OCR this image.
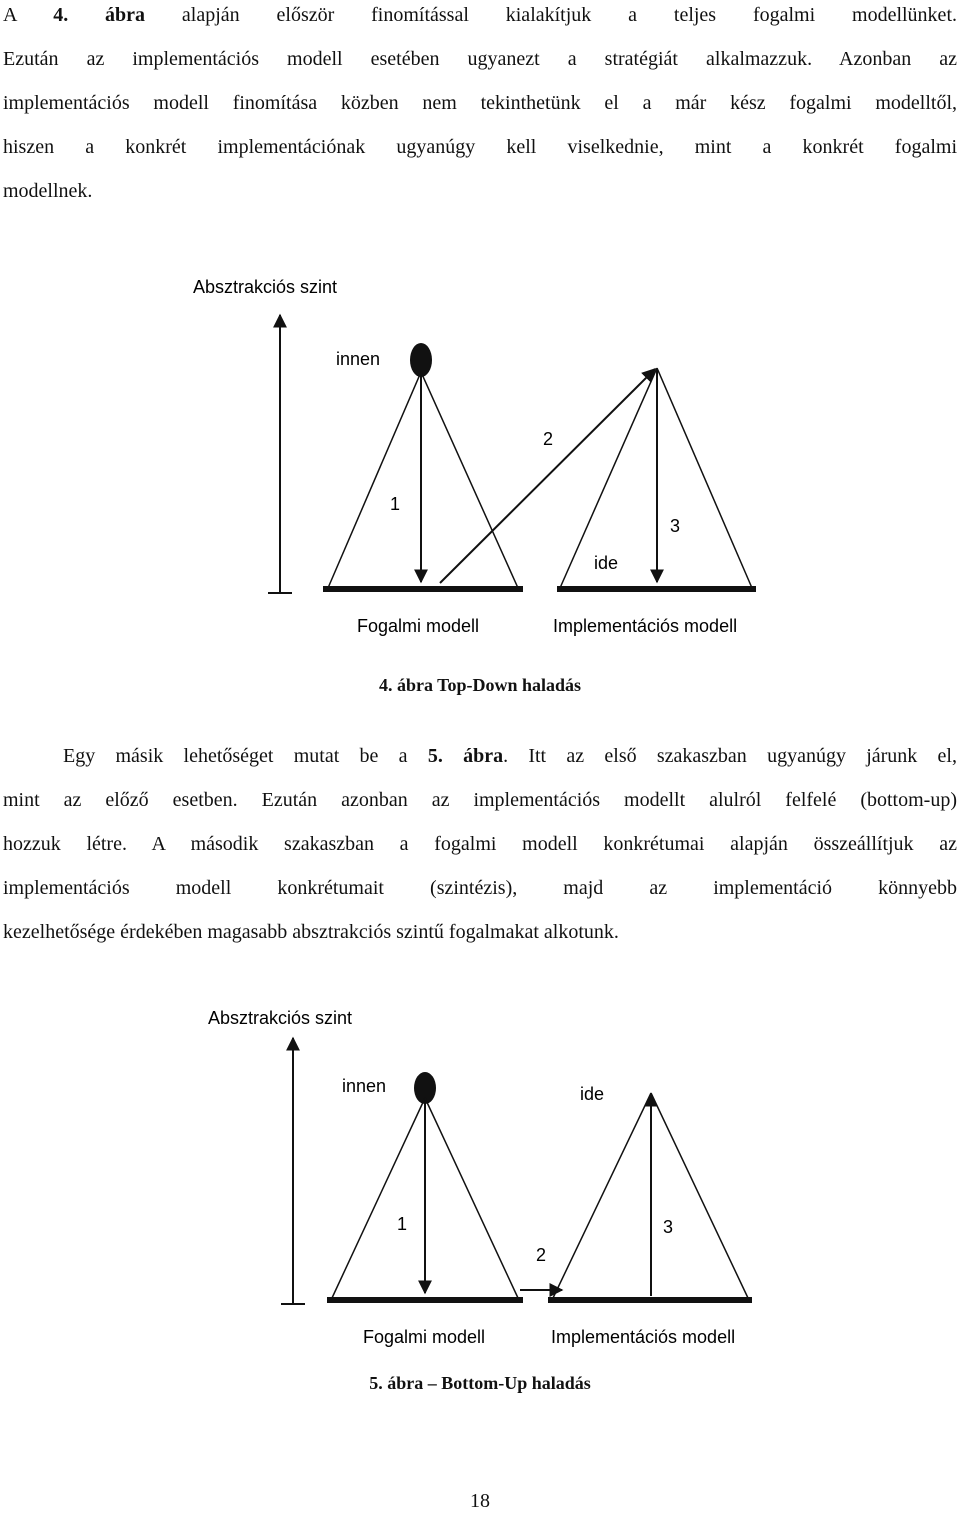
A 4. ábra alapján először finomítással kialakítjuk a teljes fogalmi modellünket.
Ezután az implementációs modell esetében ugyanezt a stratégiát alkalmazzuk. Azonban az
implementációs modell finomítása közben nem tekinthetünk el a már kész fogalmi modelltől,
hiszen a konkrét implementációnak ugyanúgy kell viselkednie, mint a konkrét fogalmi
modellnek.
Absztrakciós szint
innen
1
Fogalmi modell
2
3
ide
Implementációs modell
4. ábra Top-Down haladás
   Egy másik lehetőséget mutat be a 5. ábra. Itt az első szakaszban ugyanúgy járunk el,
mint az előző esetben. Ezután azonban az implementációs modellt alulról felfelé (bottom-up)
hozzuk létre. A második szakaszban a fogalmi modell konkrétumai alapján összeállítjuk az
implementációs modell konkrétumait (szintézis), majd az implementáció könnyebb
kezelhetősége érdekében magasabb absztrakciós szintű fogalmakat alkotunk.
Absztrakciós szint
innen
1
Fogalmi modell
2
ide
3
Implementációs modell
5. ábra – Bottom-Up haladás
18
